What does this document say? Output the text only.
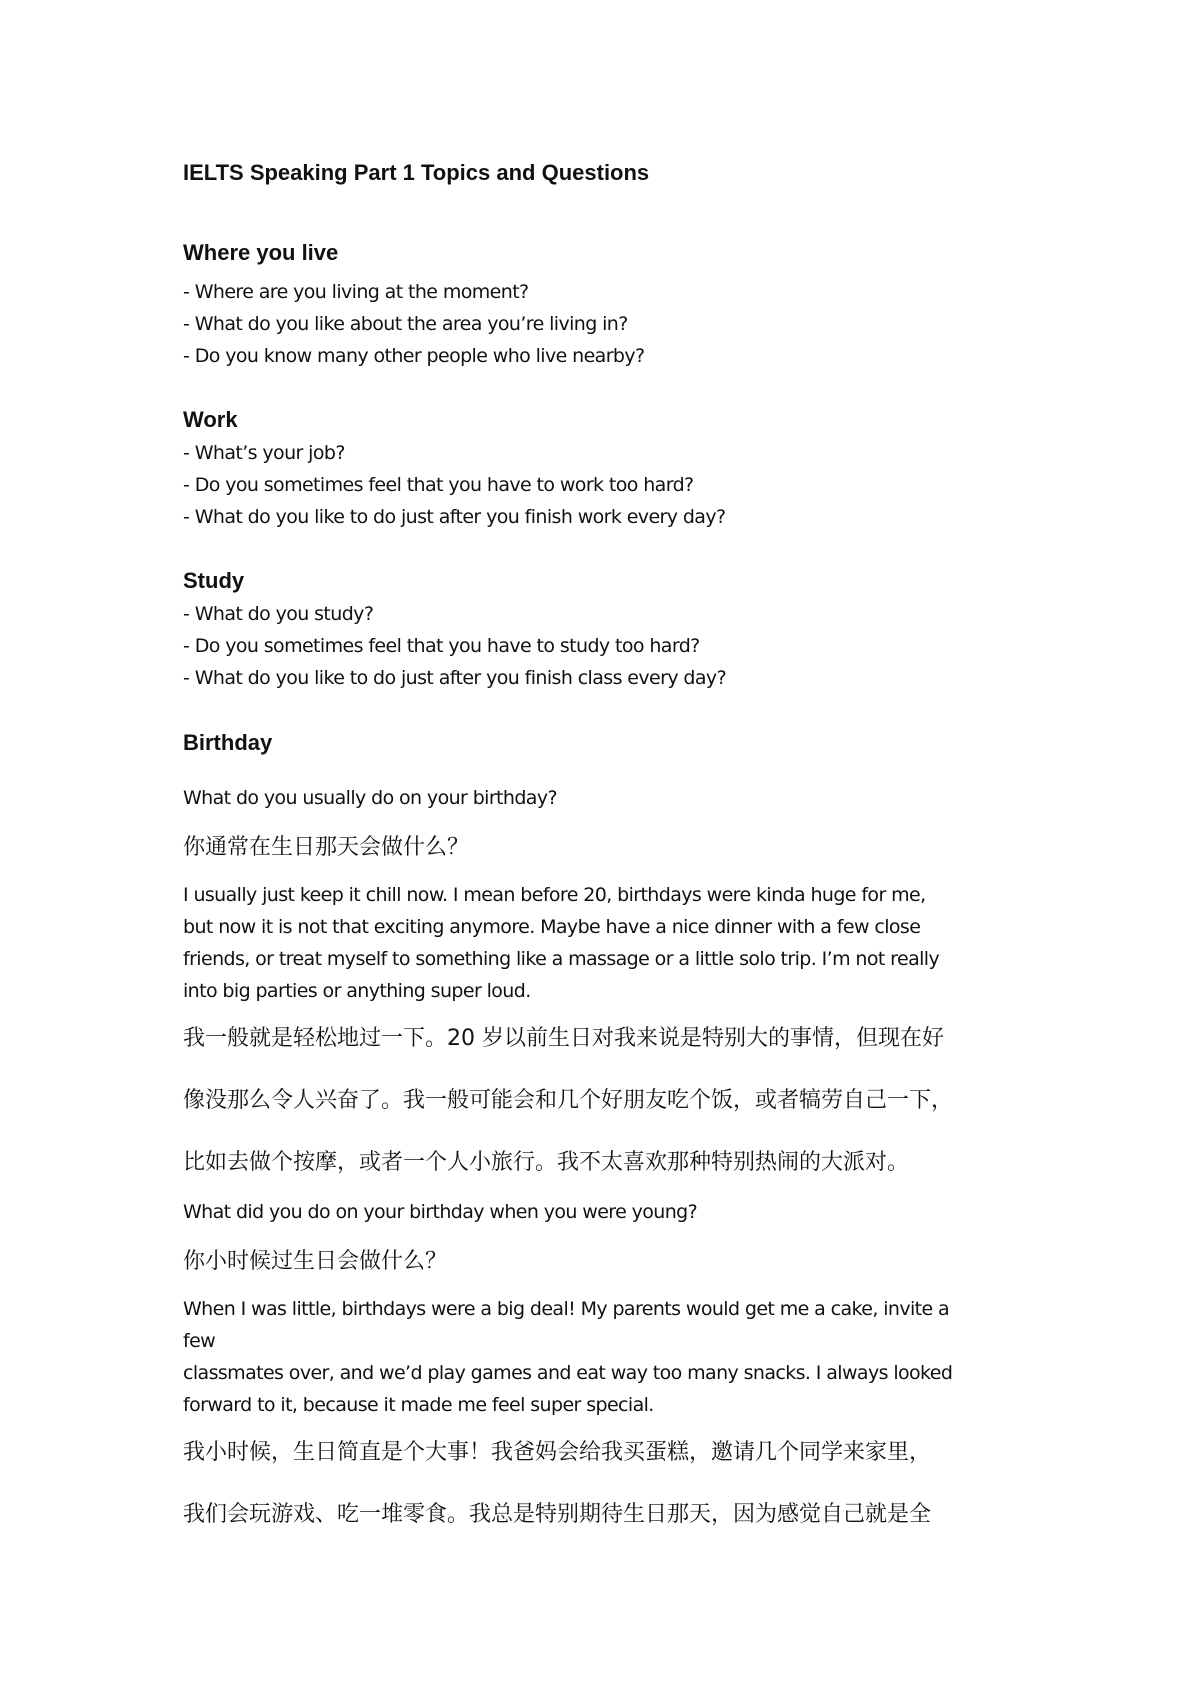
IELTS Speaking Part 1 Topics and Questions
Where you live
- Where are you living at the moment?
- What do you like about the area you’re living in?
- Do you know many other people who live nearby?
Work
- What’s your job?
- Do you sometimes feel that you have to work too hard?
- What do you like to do just after you finish work every day?
Study
- What do you study?
- Do you sometimes feel that you have to study too hard?
- What do you like to do just after you finish class every day?
Birthday

What do you usually do on your birthday?

你通常在生日那天会做什么？

I usually just keep it chill now. I mean before 20, birthdays were kinda huge for me,
but now it is not that exciting anymore. Maybe have a nice dinner with a few close
friends, or treat myself to something like a massage or a little solo trip. I’m not really
into big parties or anything super loud.

我一般就是轻松地过一下。20 岁以前生日对我来说是特别大的事情，但现在好
像没那么令人兴奋了。我一般可能会和几个好朋友吃个饭，或者犒劳自己一下，
比如去做个按摩，或者一个人小旅行。我不太喜欢那种特别热闹的大派对。

What did you do on your birthday when you were young?

你小时候过生日会做什么？

When I was little, birthdays were a big deal! My parents would get me a cake, invite a
few
classmates over, and we’d play games and eat way too many snacks. I always looked
forward to it, because it made me feel super special.

我小时候，生日简直是个大事！我爸妈会给我买蛋糕，邀请几个同学来家里，
我们会玩游戏、吃一堆零食。我总是特别期待生日那天，因为感觉自己就是全
